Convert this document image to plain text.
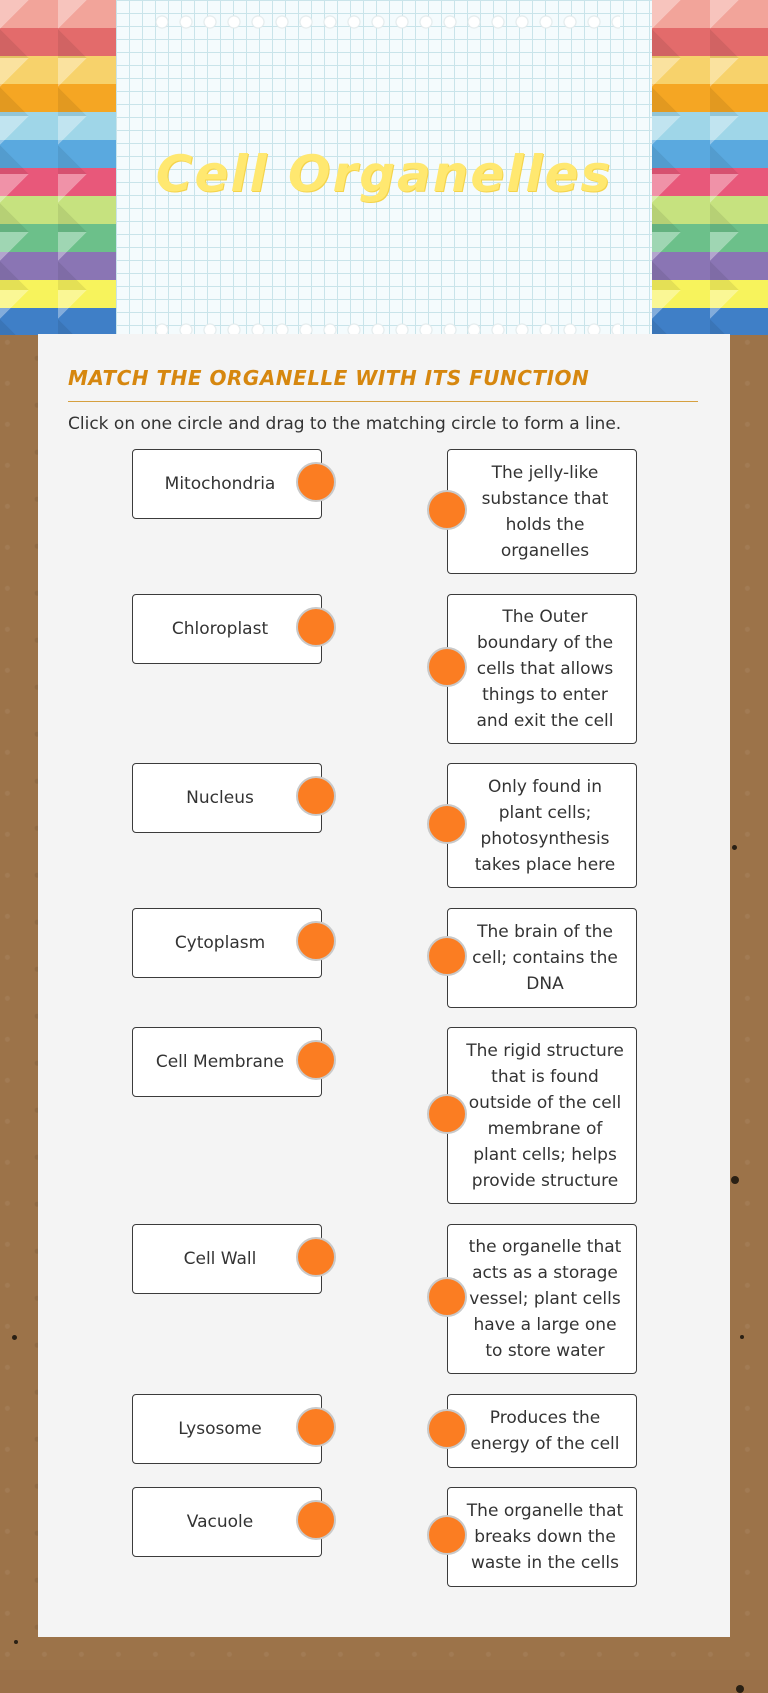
Cell Organelles
MATCH THE ORGANELLE WITH ITS FUNCTION
Click on one circle and drag to the matching circle to form a line.
Mitochondria
Chloroplast
Nucleus
Cytoplasm
Cell Membrane
Cell Wall
Lysosome
Vacuole
The jelly-like substance that holds the organelles
The Outer boundary of the cells that allows things to enter and exit the cell
Only found in plant cells; photosynthesis takes place here
The brain of the cell; contains the DNA
The rigid structure that is found outside of the cell membrane of plant cells; helps provide structure
the organelle that acts as a storage vessel; plant cells have a large one to store water
Produces the energy of the cell
The organelle that breaks down the waste in the cells
